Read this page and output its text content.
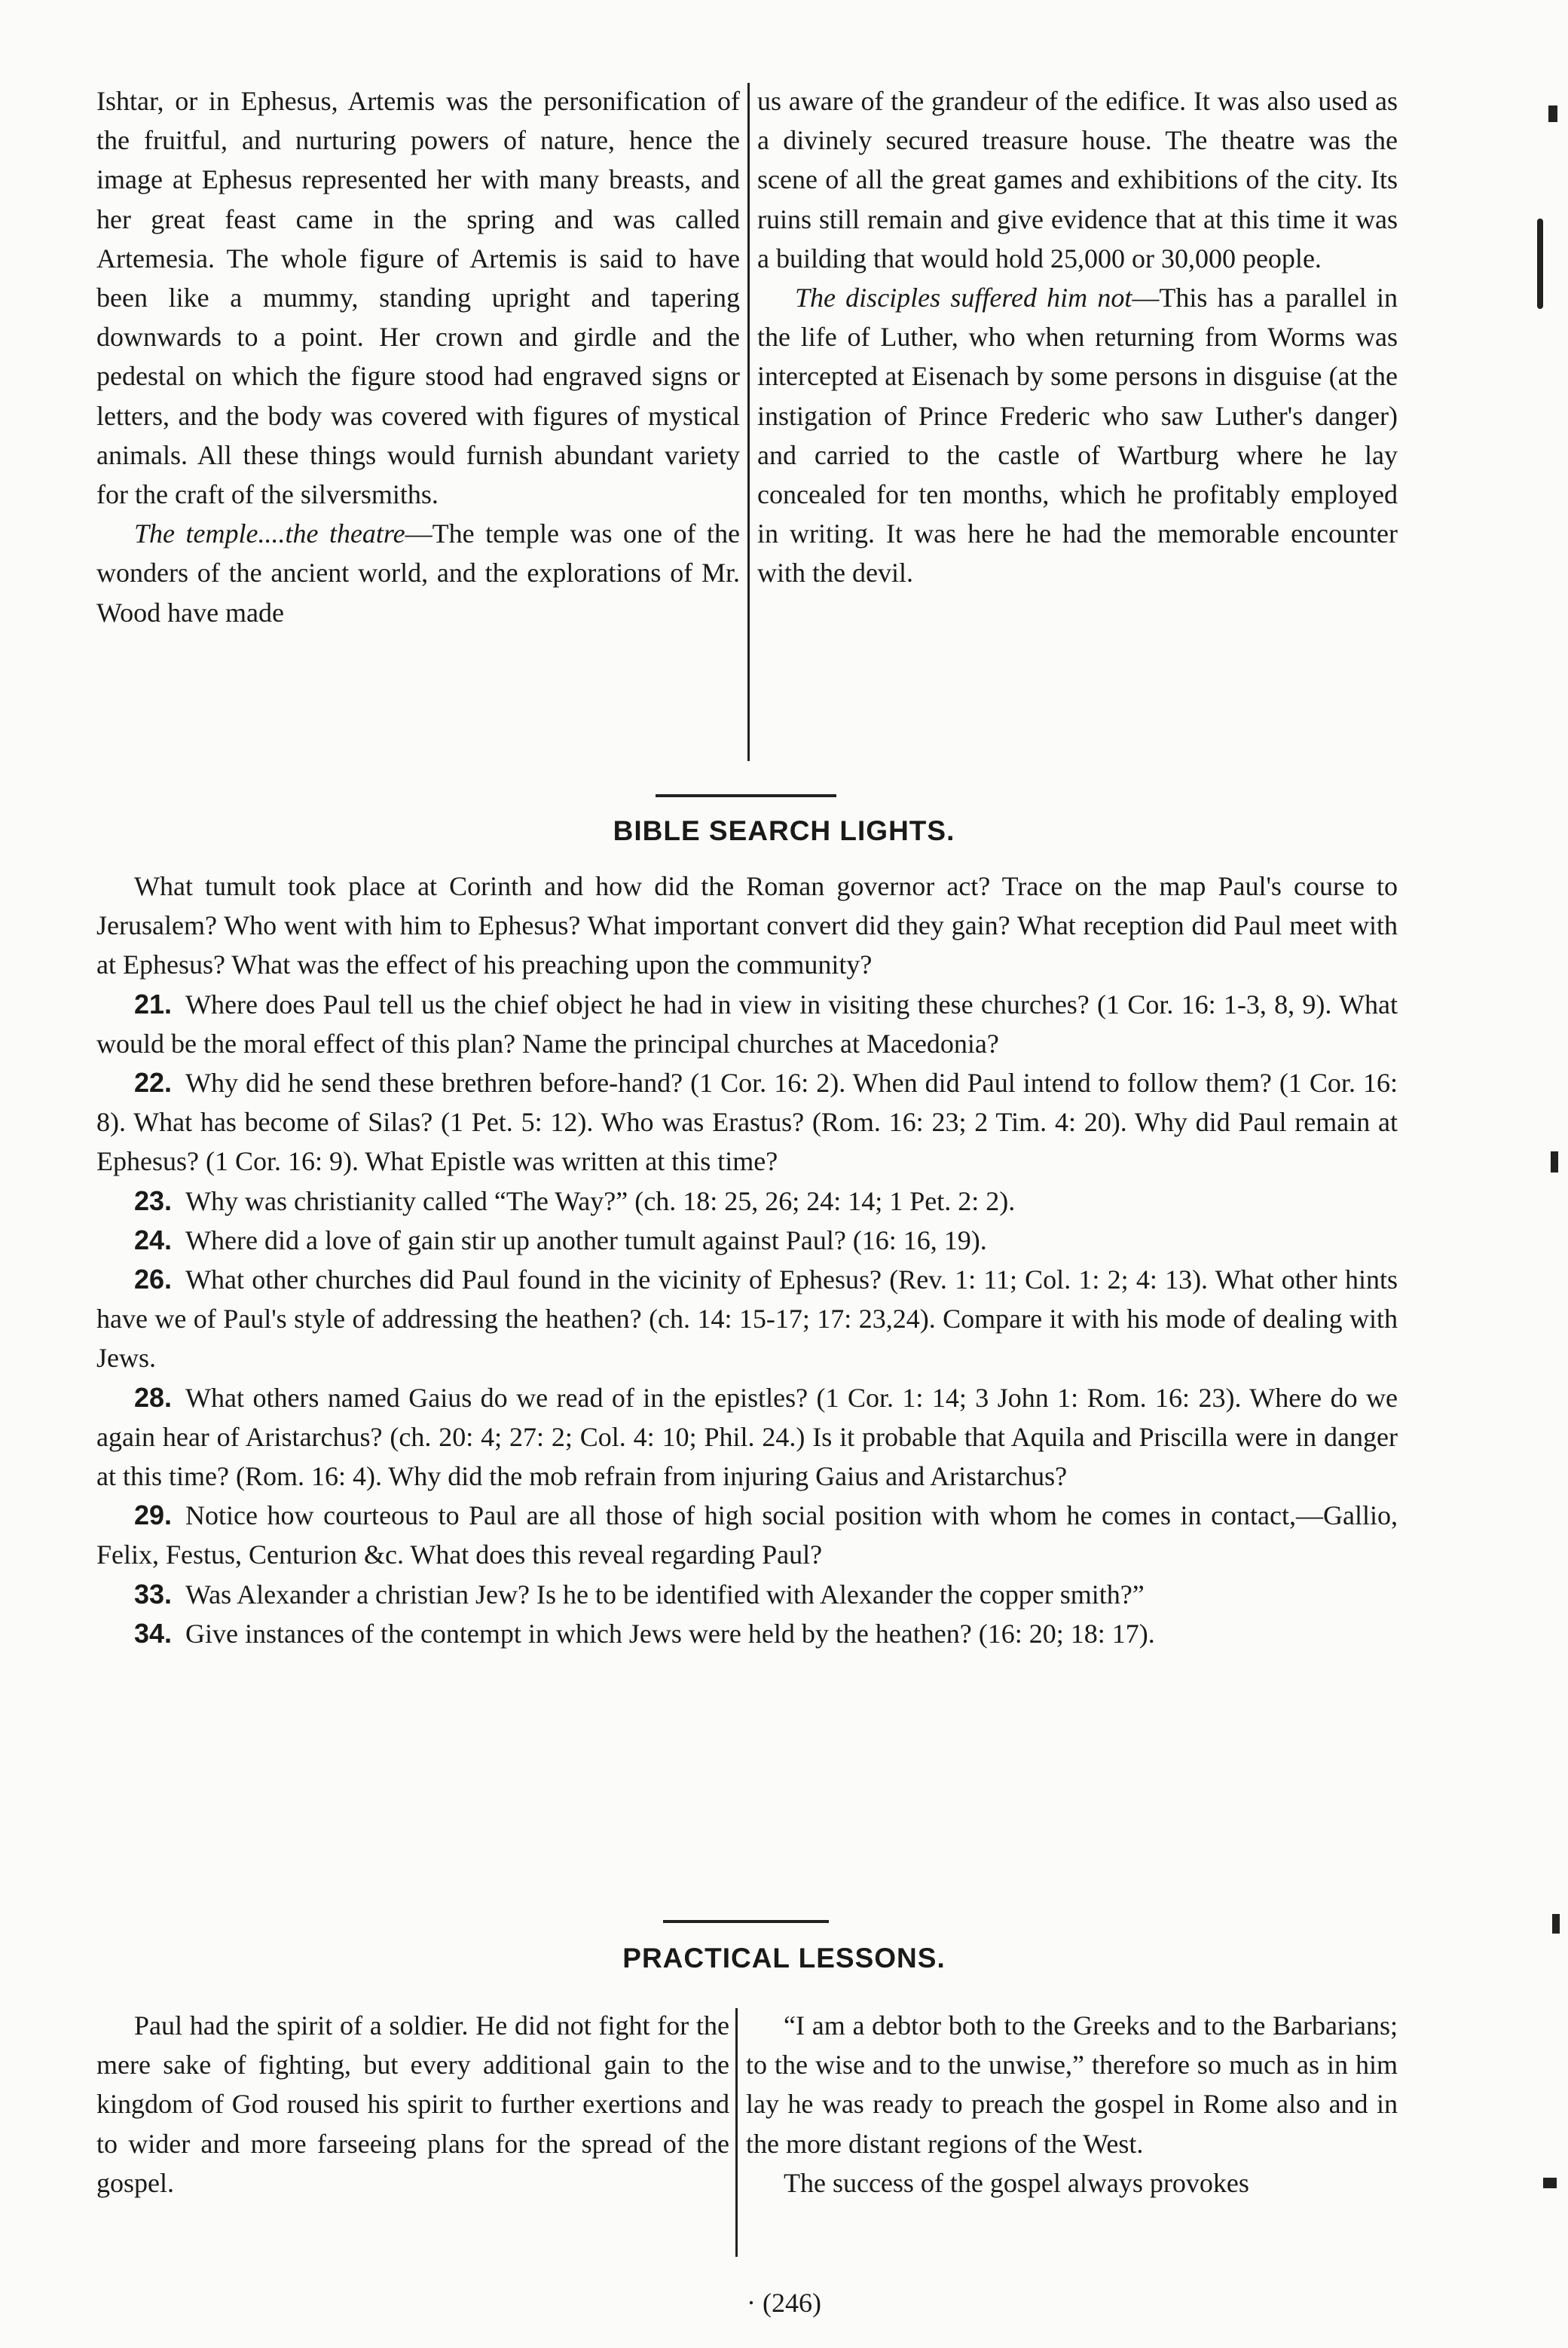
Ishtar, or in Ephesus, Artemis was the personification of the fruitful, and nurturing powers of nature, hence the image at Ephesus represented her with many breasts, and her great feast came in the spring and was called Artemesia. The whole figure of Artemis is said to have been like a mummy, standing upright and tapering downwards to a point. Her crown and girdle and the pedestal on which the figure stood had engraved signs or letters, and the body was covered with figures of mystical animals. All these things would furnish abundant variety for the craft of the silversmiths.

The temple....the theatre—The temple was one of the wonders of the ancient world, and the explorations of Mr. Wood have made

us aware of the grandeur of the edifice. It was also used as a divinely secured treasure house. The theatre was the scene of all the great games and exhibitions of the city. Its ruins still remain and give evidence that at this time it was a building that would hold 25,000 or 30,000 people.

The disciples suffered him not—This has a parallel in the life of Luther, who when returning from Worms was intercepted at Eisenach by some persons in disguise (at the instigation of Prince Frederic who saw Luther's danger) and carried to the castle of Wartburg where he lay concealed for ten months, which he profitably employed in writing. It was here he had the memorable encounter with the devil.

BIBLE SEARCH LIGHTS.

What tumult took place at Corinth and how did the Roman governor act? Trace on the map Paul's course to Jerusalem? Who went with him to Ephesus? What important convert did they gain? What reception did Paul meet with at Ephesus? What was the effect of his preaching upon the community?

21. Where does Paul tell us the chief object he had in view in visiting these churches? (1 Cor. 16: 1-3, 8, 9). What would be the moral effect of this plan? Name the principal churches at Macedonia?

22. Why did he send these brethren before-hand? (1 Cor. 16: 2). When did Paul intend to follow them? (1 Cor. 16: 8). What has become of Silas? (1 Pet. 5: 12). Who was Erastus? (Rom. 16: 23; 2 Tim. 4: 20). Why did Paul remain at Ephesus? (1 Cor. 16: 9). What Epistle was written at this time?

23. Why was christianity called “The Way?” (ch. 18: 25, 26; 24: 14; 1 Pet. 2: 2).

24. Where did a love of gain stir up another tumult against Paul? (16: 16, 19).

26. What other churches did Paul found in the vicinity of Ephesus? (Rev. 1: 11; Col. 1: 2; 4: 13). What other hints have we of Paul's style of addressing the heathen? (ch. 14: 15-17; 17: 23,24). Compare it with his mode of dealing with Jews.

28. What others named Gaius do we read of in the epistles? (1 Cor. 1: 14; 3 John 1: Rom. 16: 23). Where do we again hear of Aristarchus? (ch. 20: 4; 27: 2; Col. 4: 10; Phil. 24.) Is it probable that Aquila and Priscilla were in danger at this time? (Rom. 16: 4). Why did the mob refrain from injuring Gaius and Aristarchus?

29. Notice how courteous to Paul are all those of high social position with whom he comes in contact,—Gallio, Felix, Festus, Centurion &c. What does this reveal regarding Paul?

33. Was Alexander a christian Jew? Is he to be identified with Alexander the copper smith?”

34. Give instances of the contempt in which Jews were held by the heathen? (16: 20; 18: 17).

PRACTICAL LESSONS.

Paul had the spirit of a soldier. He did not fight for the mere sake of fighting, but every additional gain to the kingdom of God roused his spirit to further exertions and to wider and more farseeing plans for the spread of the gospel.

“I am a debtor both to the Greeks and to the Barbarians; to the wise and to the unwise,” therefore so much as in him lay he was ready to preach the gospel in Rome also and in the more distant regions of the West.

The success of the gospel always provokes

· (246)
